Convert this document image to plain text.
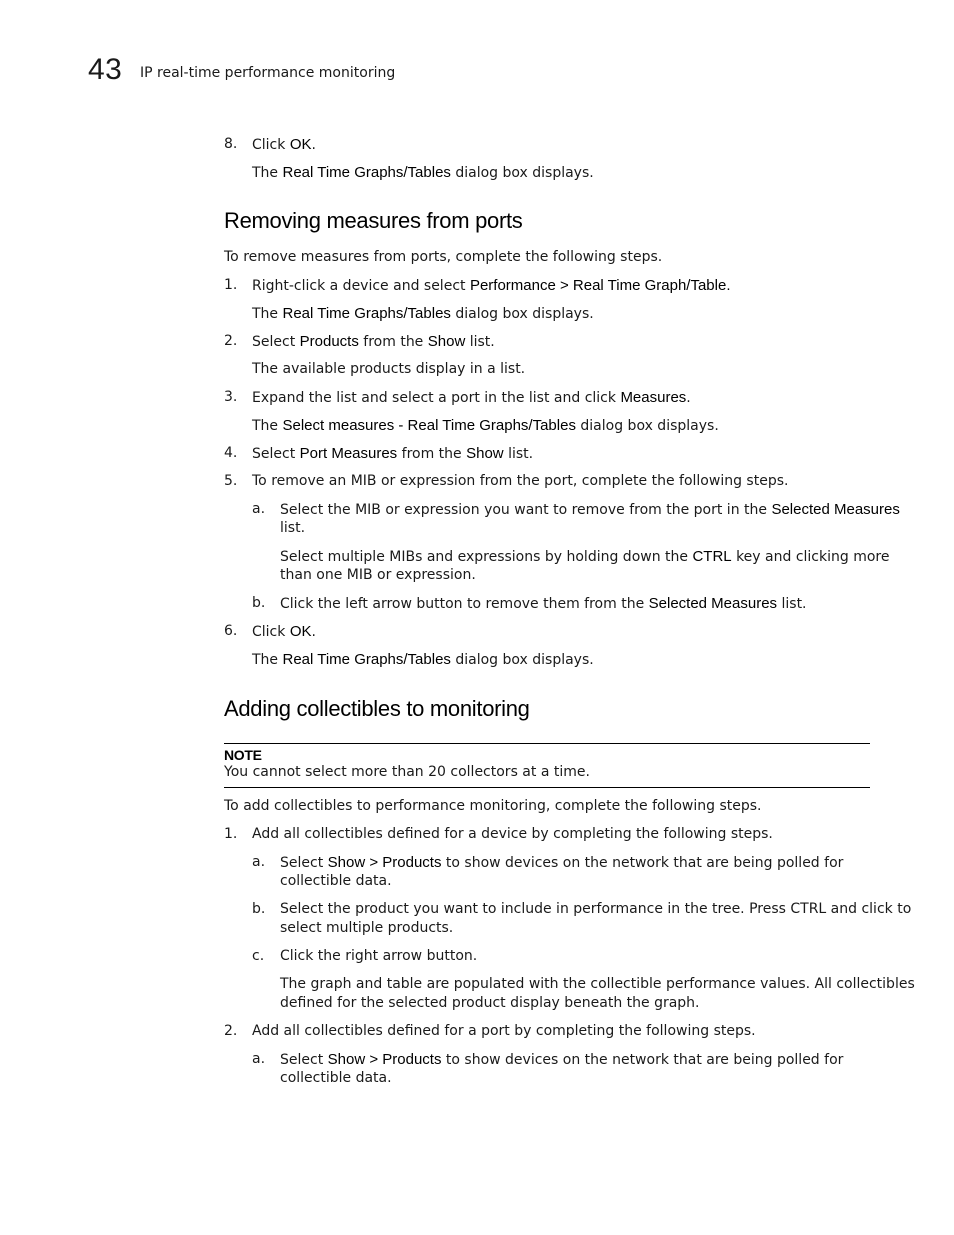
43 IP real-time performance monitoring
8. Click OK.
The Real Time Graphs/Tables dialog box displays.
Removing measures from ports
To remove measures from ports, complete the following steps.
1. Right-click a device and select Performance > Real Time Graph/Table.
The Real Time Graphs/Tables dialog box displays.
2. Select Products from the Show list.
The available products display in a list.
3. Expand the list and select a port in the list and click Measures.
The Select measures - Real Time Graphs/Tables dialog box displays.
4. Select Port Measures from the Show list.
5. To remove an MIB or expression from the port, complete the following steps.
a. Select the MIB or expression you want to remove from the port in the Selected Measures
list.
Select multiple MIBs and expressions by holding down the CTRL key and clicking more
than one MIB or expression.
b. Click the left arrow button to remove them from the Selected Measures list.
6. Click OK.
The Real Time Graphs/Tables dialog box displays.
Adding collectibles to monitoring
NOTE
You cannot select more than 20 collectors at a time.
To add collectibles to performance monitoring, complete the following steps.
1. Add all collectibles defined for a device by completing the following steps.
a. Select Show > Products to show devices on the network that are being polled for
collectible data.
b. Select the product you want to include in performance in the tree. Press CTRL and click to
select multiple products.
c. Click the right arrow button.
The graph and table are populated with the collectible performance values. All collectibles
defined for the selected product display beneath the graph.
2. Add all collectibles defined for a port by completing the following steps.
a. Select Show > Products to show devices on the network that are being polled for
collectible data.
